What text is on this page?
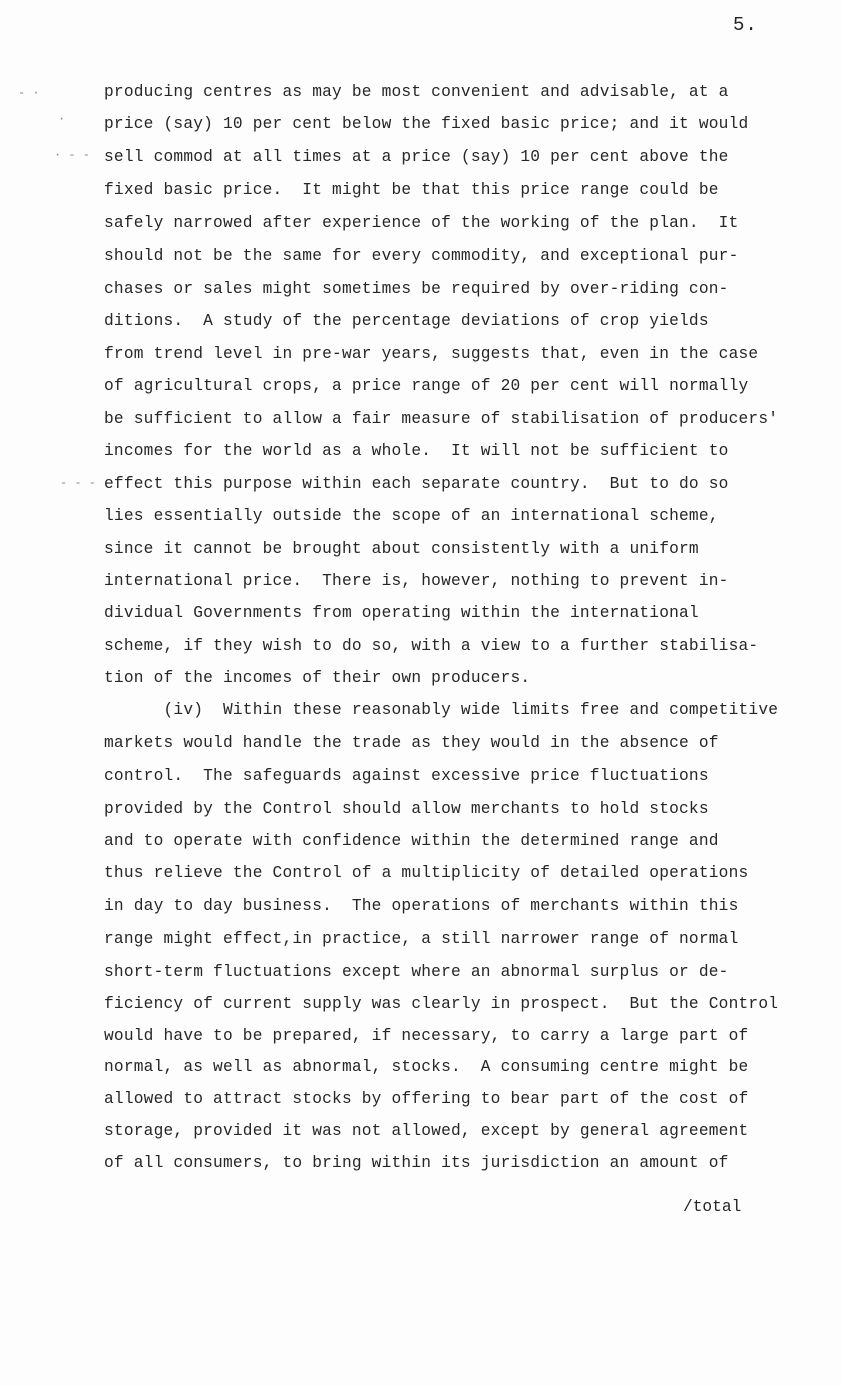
5.
- ·
·
· - -
- - - -
producing centres as may be most convenient and advisable, at a
price (say) 10 per cent below the fixed basic price; and it would
sell commod at all times at a price (say) 10 per cent above the
fixed basic price.  It might be that this price range could be
safely narrowed after experience of the working of the plan.  It
should not be the same for every commodity, and exceptional pur-
chases or sales might sometimes be required by over-riding con-
ditions.  A study of the percentage deviations of crop yields
from trend level in pre-war years, suggests that, even in the case
of agricultural crops, a price range of 20 per cent will normally
be sufficient to allow a fair measure of stabilisation of producers'
incomes for the world as a whole.  It will not be sufficient to
effect this purpose within each separate country.  But to do so
lies essentially outside the scope of an international scheme,
since it cannot be brought about consistently with a uniform
international price.  There is, however, nothing to prevent in-
dividual Governments from operating within the international
scheme, if they wish to do so, with a view to a further stabilisa-
tion of the incomes of their own producers.
(iv)  Within these reasonably wide limits free and competitive
markets would handle the trade as they would in the absence of
control.  The safeguards against excessive price fluctuations
provided by the Control should allow merchants to hold stocks
and to operate with confidence within the determined range and
thus relieve the Control of a multiplicity of detailed operations
in day to day business.  The operations of merchants within this
range might effect,in practice, a still narrower range of normal
short-term fluctuations except where an abnormal surplus or de-
ficiency of current supply was clearly in prospect.  But the Control
would have to be prepared, if necessary, to carry a large part of
normal, as well as abnormal, stocks.  A consuming centre might be
allowed to attract stocks by offering to bear part of the cost of
storage, provided it was not allowed, except by general agreement
of all consumers, to bring within its jurisdiction an amount of
/total
